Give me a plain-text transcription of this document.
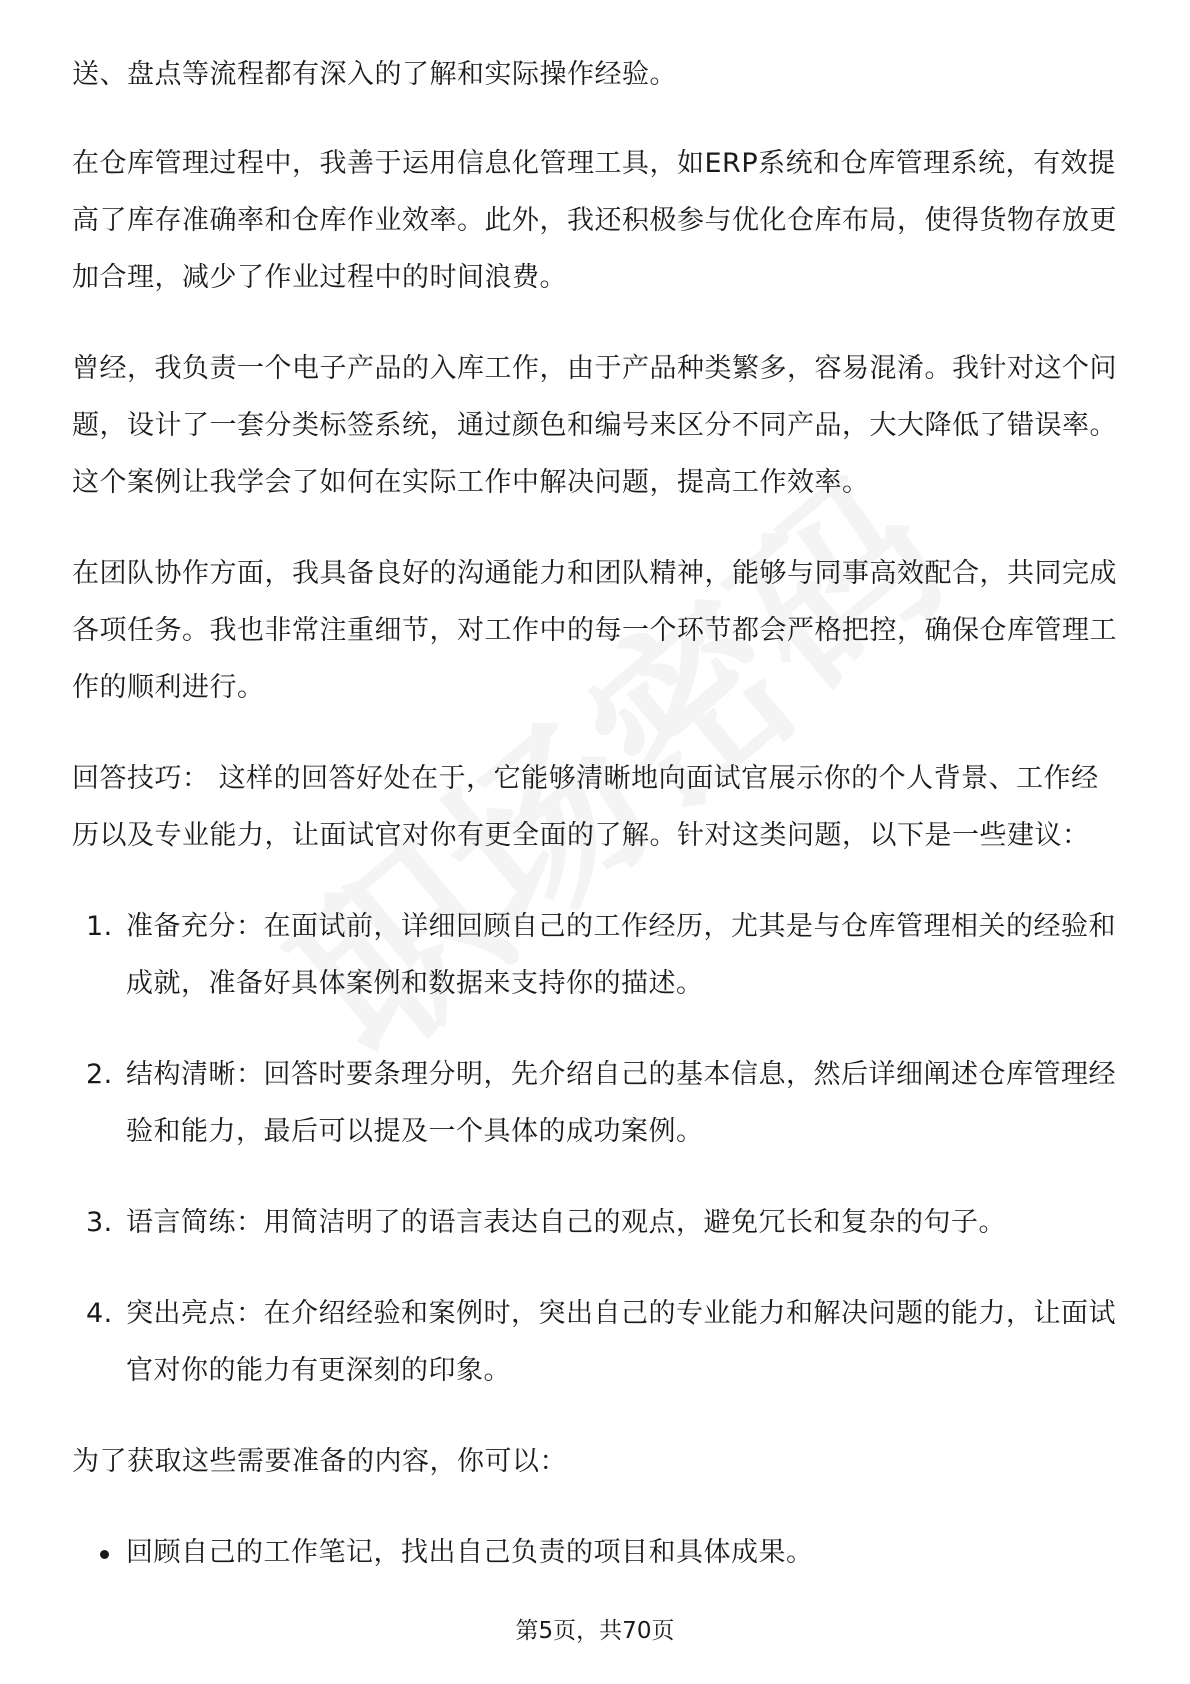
送、盘点等流程都有深入的了解和实际操作经验。

在仓库管理过程中，我善于运用信息化管理工具，如ERP系统和仓库管理系统，有效提高了库存准确率和仓库作业效率。此外，我还积极参与优化仓库布局，使得货物存放更加合理，减少了作业过程中的时间浪费。

曾经，我负责一个电子产品的入库工作，由于产品种类繁多，容易混淆。我针对这个问题，设计了一套分类标签系统，通过颜色和编号来区分不同产品，大大降低了错误率。这个案例让我学会了如何在实际工作中解决问题，提高工作效率。

在团队协作方面，我具备良好的沟通能力和团队精神，能够与同事高效配合，共同完成各项任务。我也非常注重细节，对工作中的每一个环节都会严格把控，确保仓库管理工作的顺利进行。

回答技巧： 这样的回答好处在于，它能够清晰地向面试官展示你的个人背景、工作经历以及专业能力，让面试官对你有更全面的了解。针对这类问题，以下是一些建议：

1. 准备充分：在面试前，详细回顾自己的工作经历，尤其是与仓库管理相关的经验和成就，准备好具体案例和数据来支持你的描述。
2. 结构清晰：回答时要条理分明，先介绍自己的基本信息，然后详细阐述仓库管理经验和能力，最后可以提及一个具体的成功案例。
3. 语言简练：用简洁明了的语言表达自己的观点，避免冗长和复杂的句子。
4. 突出亮点：在介绍经验和案例时，突出自己的专业能力和解决问题的能力，让面试官对你的能力有更深刻的印象。

为了获取这些需要准备的内容，你可以：

回顾自己的工作笔记，找出自己负责的项目和具体成果。
第5页，共70页
